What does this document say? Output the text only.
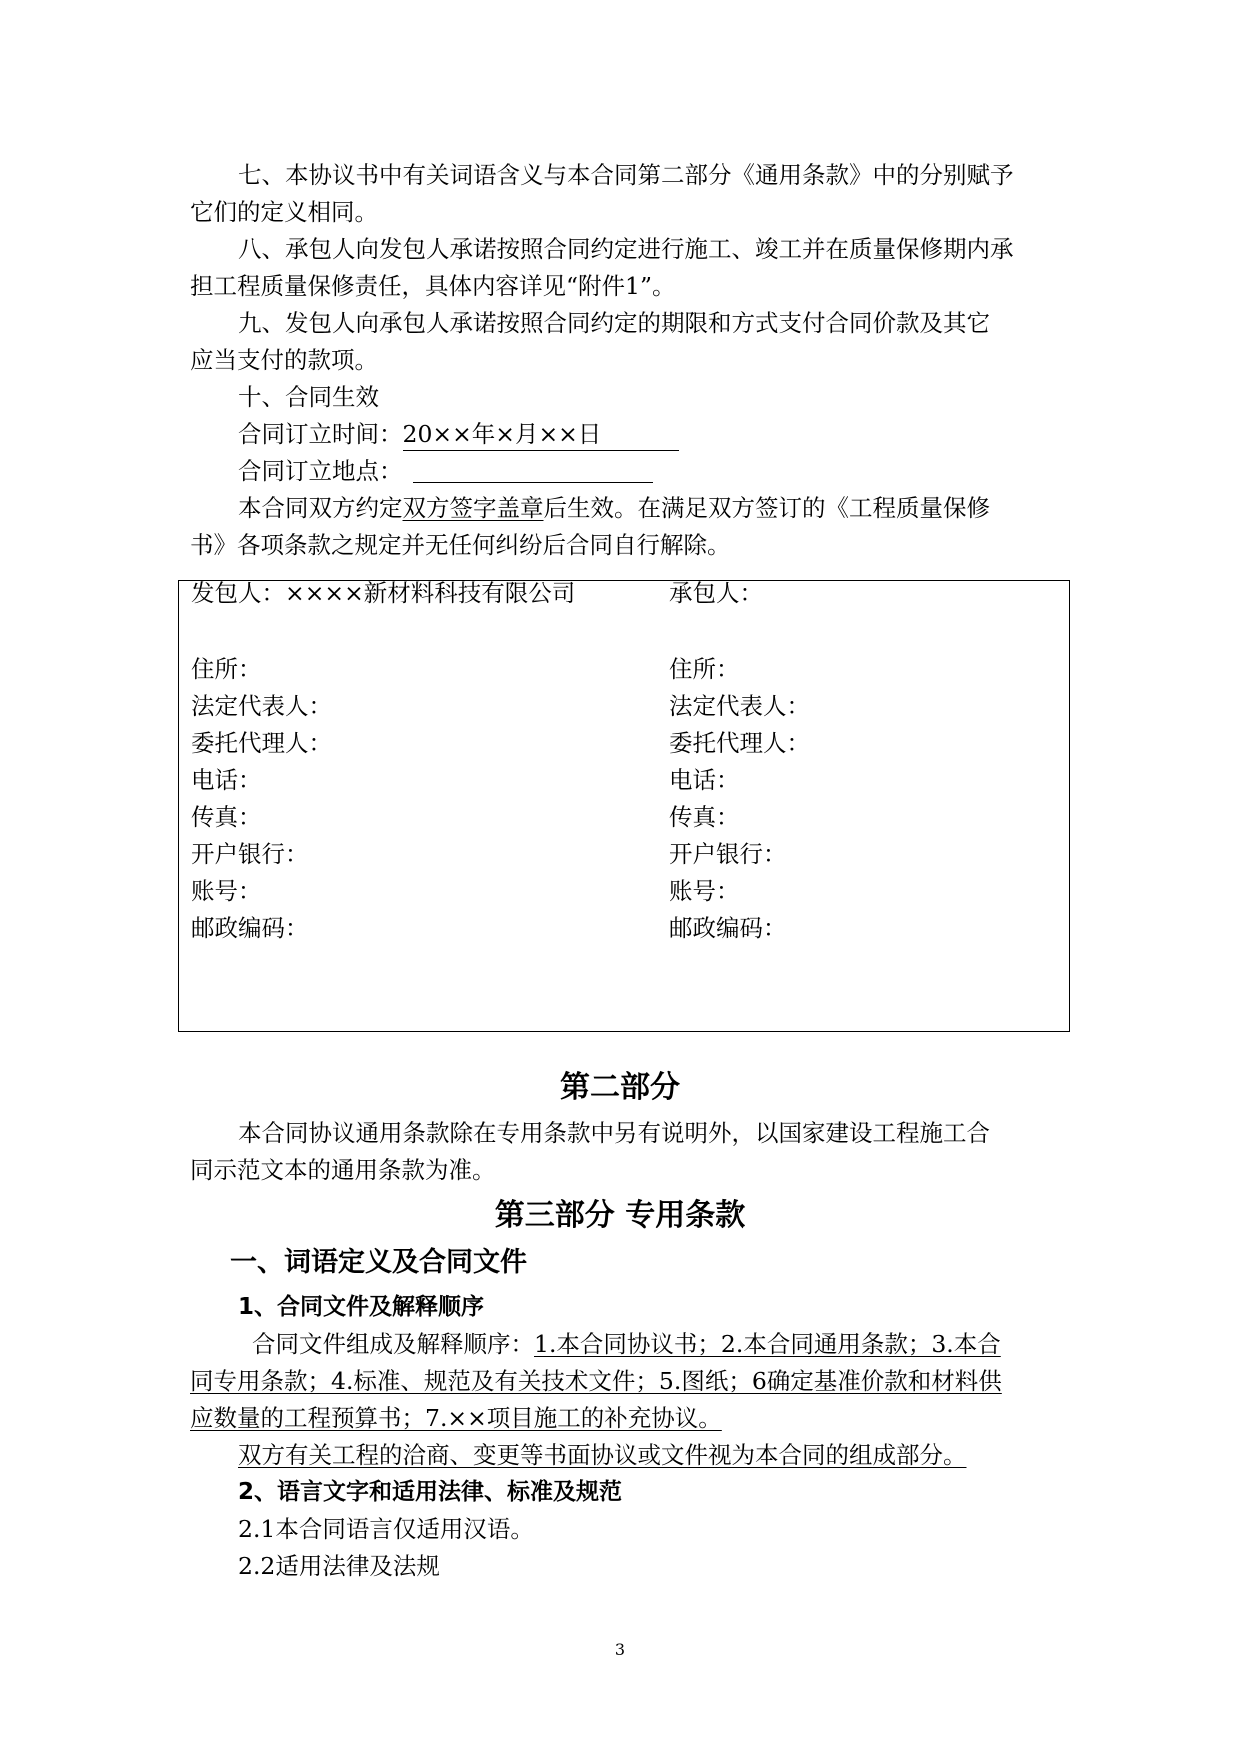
七、本协议书中有关词语含义与本合同第二部分《通用条款》中的分别赋予
它们的定义相同。
八、承包人向发包人承诺按照合同约定进行施工、竣工并在质量保修期内承
担工程质量保修责任，具体内容详见“附件1”。
九、发包人向承包人承诺按照合同约定的期限和方式支付合同价款及其它
应当支付的款项。
十、合同生效
合同订立时间：20××年×月××日
合同订立地点：
本合同双方约定双方签字盖章后生效。在满足双方签订的《工程质量保修
书》各项条款之规定并无任何纠纷后合同自行解除。
发包人：××××新材料科技有限公司
住所：
法定代表人：
委托代理人：
电话：
传真：
开户银行：
账号：
邮政编码：
承包人：
住所：
法定代表人：
委托代理人：
电话：
传真：
开户银行：
账号：
邮政编码：
第二部分
本合同协议通用条款除在专用条款中另有说明外，以国家建设工程施工合
同示范文本的通用条款为准。
第三部分 专用条款
一、词语定义及合同文件
1、合同文件及解释顺序
合同文件组成及解释顺序：1.本合同协议书；2.本合同通用条款；3.本合
同专用条款；4.标准、规范及有关技术文件；5.图纸；6确定基准价款和材料供
应数量的工程预算书；7.××项目施工的补充协议。
双方有关工程的洽商、变更等书面协议或文件视为本合同的组成部分。
2、语言文字和适用法律、标准及规范
2.1本合同语言仅适用汉语。
2.2适用法律及法规
3
